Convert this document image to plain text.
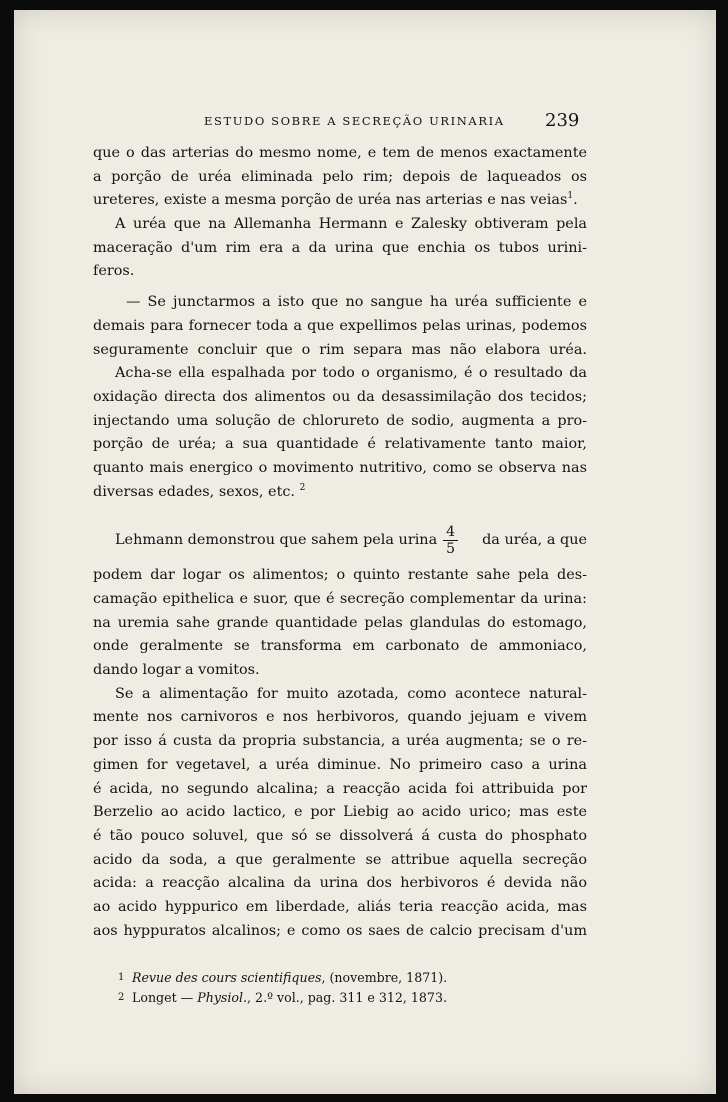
ESTUDO SOBRE A SECREÇÃO URINARIA 239
que o das arterias do mesmo nome, e tem de menos exactamente
a porção de uréa eliminada pelo rim; depois de laqueados os
ureteres, existe a mesma porção de uréa nas arterias e nas veias$^1$.
A uréa que na Allemanha Hermann e Zalesky obtiveram pela
maceração d'um rim era a da urina que enchia os tubos urini-
feros.
— Se junctarmos a isto que no sangue ha uréa sufficiente e
demais para fornecer toda a que expellimos pelas urinas, podemos
seguramente concluir que o rim separa mas não elabora uréa.
Acha-se ella espalhada por todo o organismo, é o resultado da
oxidação directa dos alimentos ou da desassimilação dos tecidos;
injectando uma solução de chlorureto de sodio, augmenta a pro-
porção de uréa; a sua quantidade é relativamente tanto maior,
quanto mais energico o movimento nutritivo, como se observa nas
diversas edades, sexos, etc. $^2$
Lehmann demonstrou que sahem pela urina $\frac{4}{5}$ da uréa, a que
podem dar logar os alimentos; o quinto restante sahe pela des-
camação epithelica e suor, que é secreção complementar da urina:
na uremia sahe grande quantidade pelas glandulas do estomago,
onde geralmente se transforma em carbonato de ammoniaco,
dando logar a vomitos.
Se a alimentação for muito azotada, como acontece natural-
mente nos carnivoros e nos herbivoros, quando jejuam e vivem
por isso á custa da propria substancia, a uréa augmenta; se o re-
gimen for vegetavel, a uréa diminue. No primeiro caso a urina
é acida, no segundo alcalina; a reacção acida foi attribuida por
Berzelio ao acido lactico, e por Liebig ao acido urico; mas este
é tão pouco soluvel, que só se dissolverá á custa do phosphato
acido da soda, a que geralmente se attribue aquella secreção
acida: a reacção alcalina da urina dos herbivoros é devida não
ao acido hyppurico em liberdade, aliás teria reacção acida, mas
aos hyppuratos alcalinos; e como os saes de calcio precisam d'um
1 Revue des cours scientifiques, (novembre, 1871).
2 Longet — Physiol., 2.º vol., pag. 311 e 312, 1873.
